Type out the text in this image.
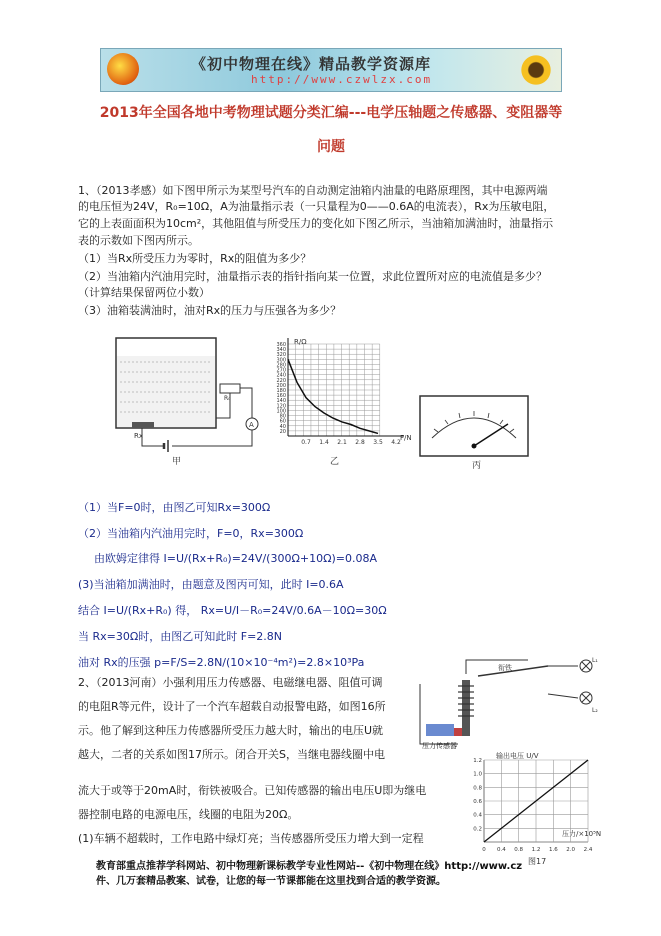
《初中物理在线》精品教学资源库
http://www.czwlzx.com
2013年全国各地中考物理试题分类汇编---电学压轴题之传感器、变阻器等
问题
1、（2013孝感）如下图甲所示为某型号汽车的自动测定油箱内油量的电路原理图，其中电源两端
的电压恒为24V，R₀=10Ω，A为油量指示表（一只量程为0——0.6A的电流表），Rx为压敏电阻，
它的上表面面积为10cm²，其他阻值与所受压力的变化如下图乙所示，当油箱加满油时，油量指示
表的示数如下图丙所示。
（1）当Rx所受压力为零时，Rx的阻值为多少？
（2）当油箱内汽油用完时，油量指示表的指针指向某一位置，求此位置所对应的电流值是多少？
（计算结果保留两位小数）
（3）油箱装满油时，油对Rx的压力与压强各为多少？
Rx
R₀
A
甲
20
40
60
80
100
120
140
160
180
200
220
240
270
280
300
320
340
360
0.7 1.4 2.1 2.8 3.5 4.2
F/N
R/Ω
乙	丙
（1）当F=0时，由图乙可知Rx=300Ω
（2）当油箱内汽油用完时，F=0，Rx=300Ω
由欧姆定律得 I=U/(Rx+R₀)=24V/(300Ω+10Ω)=0.08A
(3)当油箱加满油时，由题意及图丙可知，此时 I=0.6A
结合 I=U/(Rx+R₀) 得， Rx=U/I－R₀=24V/0.6A－10Ω=30Ω
当 Rx=30Ω时，由图乙可知此时 F=2.8N
油对 Rx的压强 p=F/S=2.8N/(10×10⁻⁴m²)=2.8×10³Pa
2、（2013河南）小强利用压力传感器、电磁继电器、阻值可调
的电阻R等元件，设计了一个汽车超载自动报警电路，如图16所
示。他了解到这种压力传感器所受压力越大时，输出的电压U就
越大，二者的关系如图17所示。闭合开关S，当继电器线圈中电
流大于或等于20mA时，衔铁被吸合。已知传感器的输出电压U即为继电
器控制电路的电源电压，线圈的电阻为20Ω。
(1)车辆不超载时，工作电路中绿灯亮；当传感器所受压力增大到一定程
衔铁
L₁
L₂
压力传感器
0.2
0.4
0.6
0.8
1.0
1.2
0 0.4 0.8 1.2 1.6 2.0 2.4
输出电压 U/V
压力/×10⁵N
图17
教育部重点推荐学科网站、初中物理新课标教学专业性网站--《初中物理在线》http://www.cz
件、几万套精品教案、试卷，让您的每一节课都能在这里找到合适的教学资源。
